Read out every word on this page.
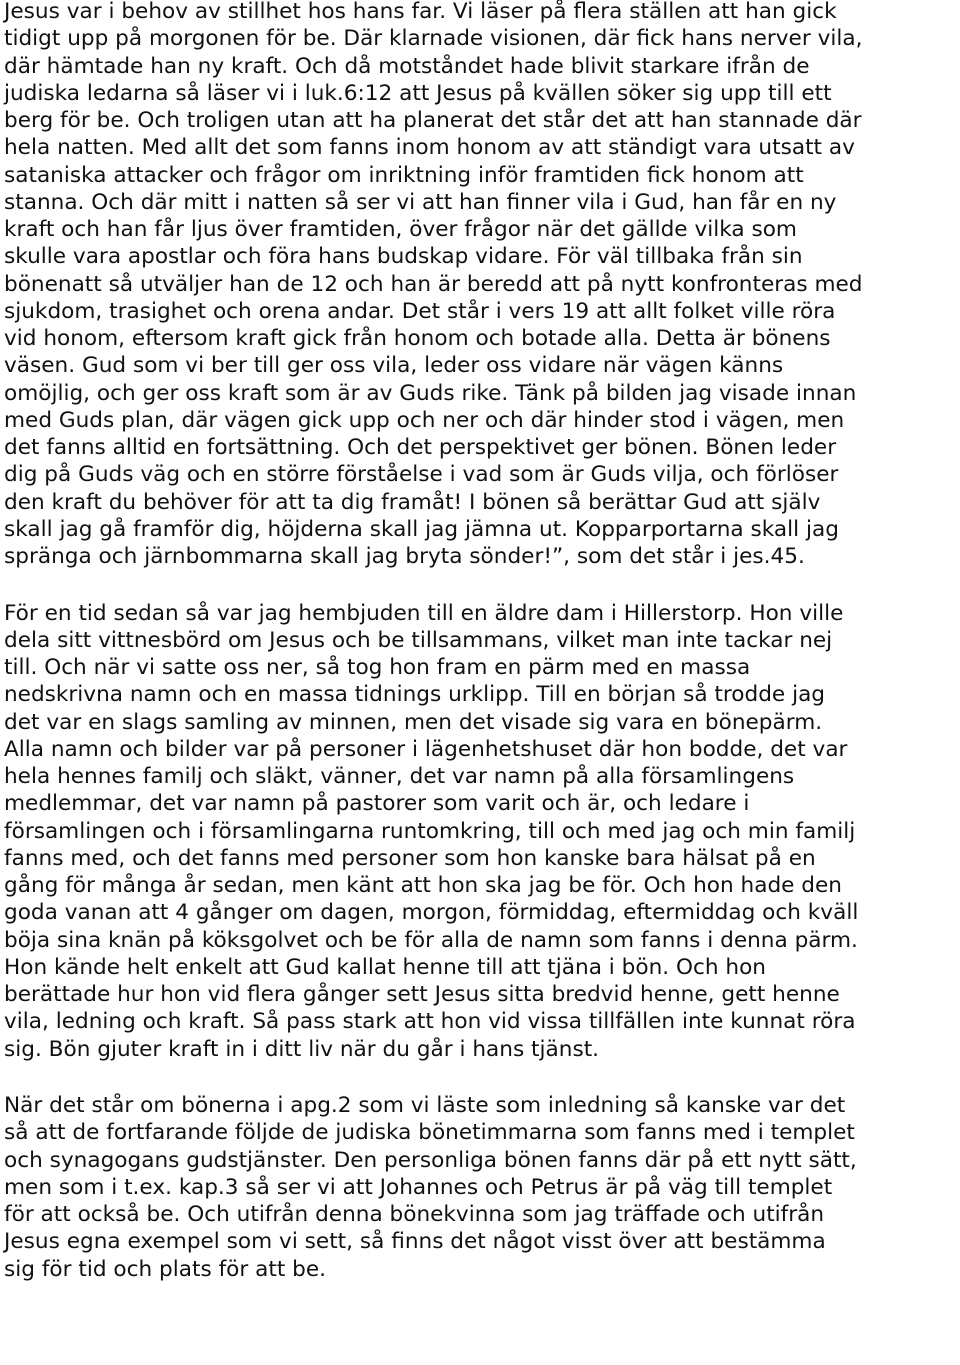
Jesus var i behov av stillhet hos hans far. Vi läser på flera ställen att han gick
tidigt upp på morgonen för be. Där klarnade visionen, där fick hans nerver vila,
där hämtade han ny kraft. Och då motståndet hade blivit starkare ifrån de
judiska ledarna så läser vi i luk.6:12 att Jesus på kvällen söker sig upp till ett
berg för be. Och troligen utan att ha planerat det står det att han stannade där
hela natten. Med allt det som fanns inom honom av att ständigt vara utsatt av
sataniska attacker och frågor om inriktning inför framtiden fick honom att
stanna. Och där mitt i natten så ser vi att han finner vila i Gud, han får en ny
kraft och han får ljus över framtiden, över frågor när det gällde vilka som
skulle vara apostlar och föra hans budskap vidare. För väl tillbaka från sin
bönenatt så utväljer han de 12 och han är beredd att på nytt konfronteras med
sjukdom, trasighet och orena andar. Det står i vers 19 att allt folket ville röra
vid honom, eftersom kraft gick från honom och botade alla. Detta är bönens
väsen. Gud som vi ber till ger oss vila, leder oss vidare när vägen känns
omöjlig, och ger oss kraft som är av Guds rike. Tänk på bilden jag visade innan
med Guds plan, där vägen gick upp och ner och där hinder stod i vägen, men
det fanns alltid en fortsättning. Och det perspektivet ger bönen. Bönen leder
dig på Guds väg och en större förståelse i vad som är Guds vilja, och förlöser
den kraft du behöver för att ta dig framåt! I bönen så berättar Gud att själv
skall jag gå framför dig, höjderna skall jag jämna ut. Kopparportarna skall jag
spränga och järnbommarna skall jag bryta sönder!”, som det står i jes.45.
För en tid sedan så var jag hembjuden till en äldre dam i Hillerstorp. Hon ville
dela sitt vittnesbörd om Jesus och be tillsammans, vilket man inte tackar nej
till. Och när vi satte oss ner, så tog hon fram en pärm med en massa
nedskrivna namn och en massa tidnings urklipp. Till en början så trodde jag
det var en slags samling av minnen, men det visade sig vara en bönepärm.
Alla namn och bilder var på personer i lägenhetshuset där hon bodde, det var
hela hennes familj och släkt, vänner, det var namn på alla församlingens
medlemmar, det var namn på pastorer som varit och är, och ledare i
församlingen och i församlingarna runtomkring, till och med jag och min familj
fanns med, och det fanns med personer som hon kanske bara hälsat på en
gång för många år sedan, men känt att hon ska jag be för. Och hon hade den
goda vanan att 4 gånger om dagen, morgon, förmiddag, eftermiddag och kväll
böja sina knän på köksgolvet och be för alla de namn som fanns i denna pärm.
Hon kände helt enkelt att Gud kallat henne till att tjäna i bön. Och hon
berättade hur hon vid flera gånger sett Jesus sitta bredvid henne, gett henne
vila, ledning och kraft. Så pass stark att hon vid vissa tillfällen inte kunnat röra
sig. Bön gjuter kraft in i ditt liv när du går i hans tjänst.
När det står om bönerna i apg.2 som vi läste som inledning så kanske var det
så att de fortfarande följde de judiska bönetimmarna som fanns med i templet
och synagogans gudstjänster. Den personliga bönen fanns där på ett nytt sätt,
men som i t.ex. kap.3 så ser vi att Johannes och Petrus är på väg till templet
för att också be. Och utifrån denna bönekvinna som jag träffade och utifrån
Jesus egna exempel som vi sett, så finns det något visst över att bestämma
sig för tid och plats för att be.
